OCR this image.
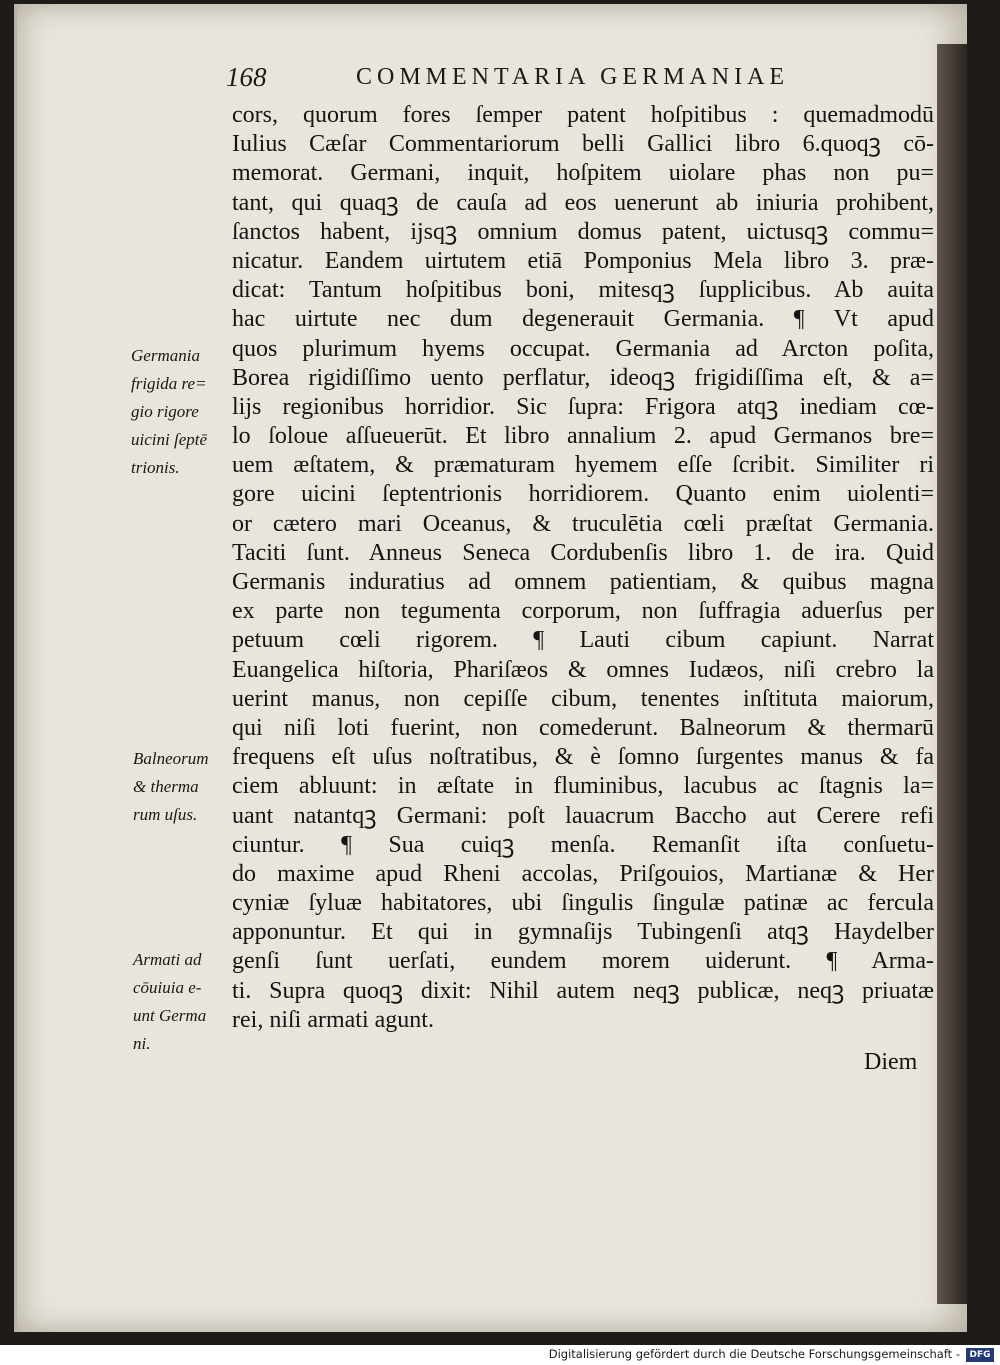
168	COMMENTARIA GERMANIAE
cors, quorum fores ſemper patent hoſpitibus : quemadmodū
Iulius Cæſar Commentariorum belli Gallici libro 6.quoqꝫ cō-
memorat. Germani, inquit, hoſpitem uiolare phas non pu=
tant, qui quaqꝫ de cauſa ad eos uenerunt ab iniuria prohibent,
ſanctos habent, ijsqꝫ omnium domus patent, uictusqꝫ commu=
nicatur. Eandem uirtutem etiā Pomponius Mela libro 3. præ-
dicat: Tantum hoſpitibus boni, mitesqꝫ ſupplicibus. Ab auita
hac uirtute nec dum degenerauit Germania. ¶ Vt apud
quos plurimum hyems occupat. Germania ad Arcton poſita,
Borea rigidiſſimo uento perflatur, ideoqꝫ frigidiſſima eſt, & a=
lijs regionibus horridior. Sic ſupra: Frigora atqꝫ inediam cœ-
lo ſoloue aſſueuerūt. Et libro annalium 2. apud Germanos bre=
uem æſtatem, & præmaturam hyemem eſſe ſcribit. Similiter ri
gore uicini ſeptentrionis horridiorem. Quanto enim uiolenti=
or cætero mari Oceanus, & truculētia cœli præſtat Germania.
Taciti ſunt. Anneus Seneca Cordubenſis libro 1. de ira. Quid
Germanis induratius ad omnem patientiam, & quibus magna
ex parte non tegumenta corporum, non ſuffragia aduerſus per
petuum cœli rigorem. ¶ Lauti cibum capiunt. Narrat
Euangelica hiſtoria, Phariſæos & omnes Iudæos, niſi crebro la
uerint manus, non cepiſſe cibum, tenentes inſtituta maiorum,
qui niſi loti fuerint, non comederunt. Balneorum & thermarū
frequens eſt uſus noſtratibus, & è ſomno ſurgentes manus & fa
ciem abluunt: in æſtate in fluminibus, lacubus ac ſtagnis la=
uant natantqꝫ Germani: poſt lauacrum Baccho aut Cerere refi
ciuntur. ¶ Sua cuiqꝫ menſa. Remanſit iſta conſuetu-
do maxime apud Rheni accolas, Priſgouios, Martianæ & Her
cyniæ ſyluæ habitatores, ubi ſingulis ſingulæ patinæ ac fercula
apponuntur. Et qui in gymnaſijs Tubingenſi atqꝫ Haydelber
genſi ſunt uerſati, eundem morem uiderunt. ¶ Arma-
ti. Supra quoqꝫ dixit: Nihil autem neqꝫ publicæ, neqꝫ priuatæ
rei, niſi armati agunt.
Germania
frigida re=
gio rigore
uicini ſeptē
trionis.
Balneorum
& therma
rum uſus.
Armati ad
cōuiuia e-
unt Germa
ni.
Diem
Digitalisierung gefördert durch die Deutsche Forschungsgemeinschaft -	DFG
